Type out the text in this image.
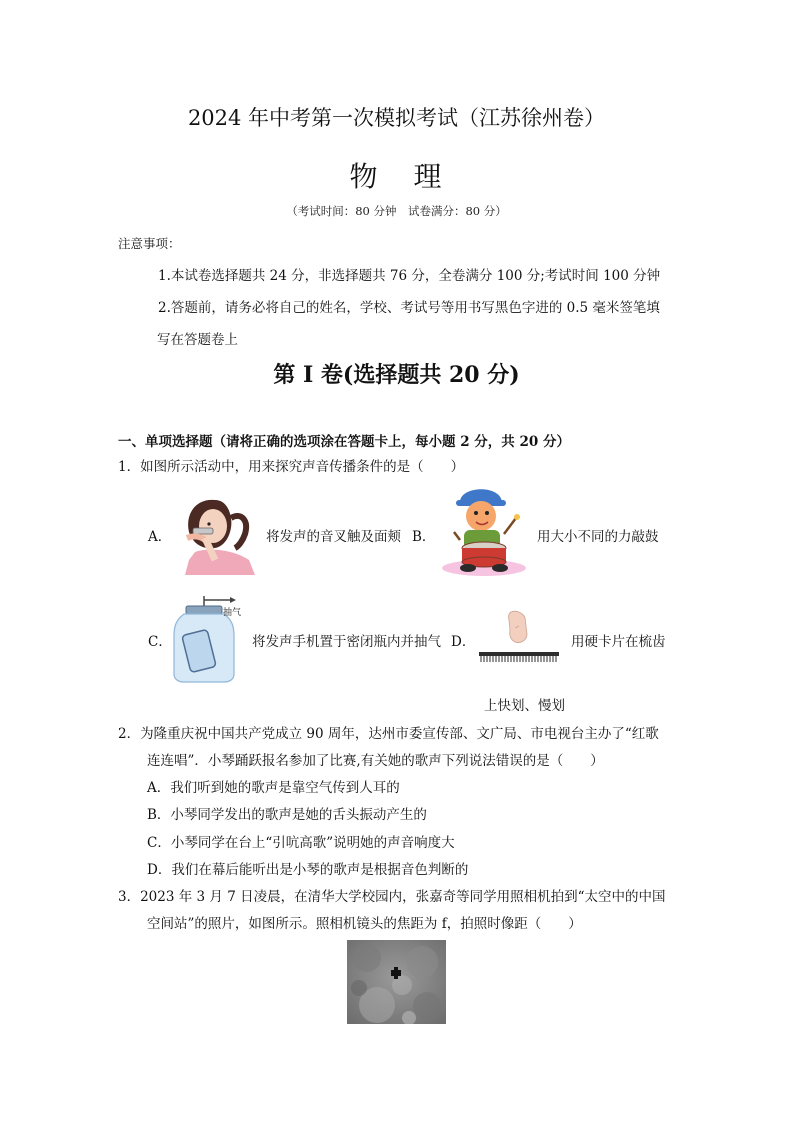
2024 年中考第一次模拟考试（江苏徐州卷）
物 理
（考试时间：80 分钟　试卷满分：80 分）
注意事项：
1.本试卷选择题共 24 分，非选择题共 76 分，全卷满分 100 分;考试时间 100 分钟
2.答题前，请务必将自己的姓名，学校、考试号等用书写黑色字进的 0.5 毫米签笔填
写在答题卷上
第 I 卷(选择题共 20 分)
一、单项选择题（请将正确的选项涂在答题卡上，每小题 2 分，共 20 分）
1．如图所示活动中，用来探究声音传播条件的是（　　）
A．	将发声的音叉触及面颊 B．	用大小不同的力敲鼓
C．
抽气
将发声手机置于密闭瓶内并抽气 D．	用硬卡片在梳齿
上快划、慢划
2．为隆重庆祝中国共产党成立 90 周年，达州市委宣传部、文广局、市电视台主办了“红歌
连连唱”．小琴踊跃报名参加了比赛,有关她的歌声下列说法错误的是（　　）
A．我们听到她的歌声是靠空气传到人耳的
B．小琴同学发出的歌声是她的舌头振动产生的
C．小琴同学在台上“引吭高歌”说明她的声音响度大
D．我们在幕后能听出是小琴的歌声是根据音色判断的
3．2023 年 3 月 7 日凌晨，在清华大学校园内，张嘉奇等同学用照相机拍到“太空中的中国
空间站”的照片，如图所示。照相机镜头的焦距为 f，拍照时像距（　　）
